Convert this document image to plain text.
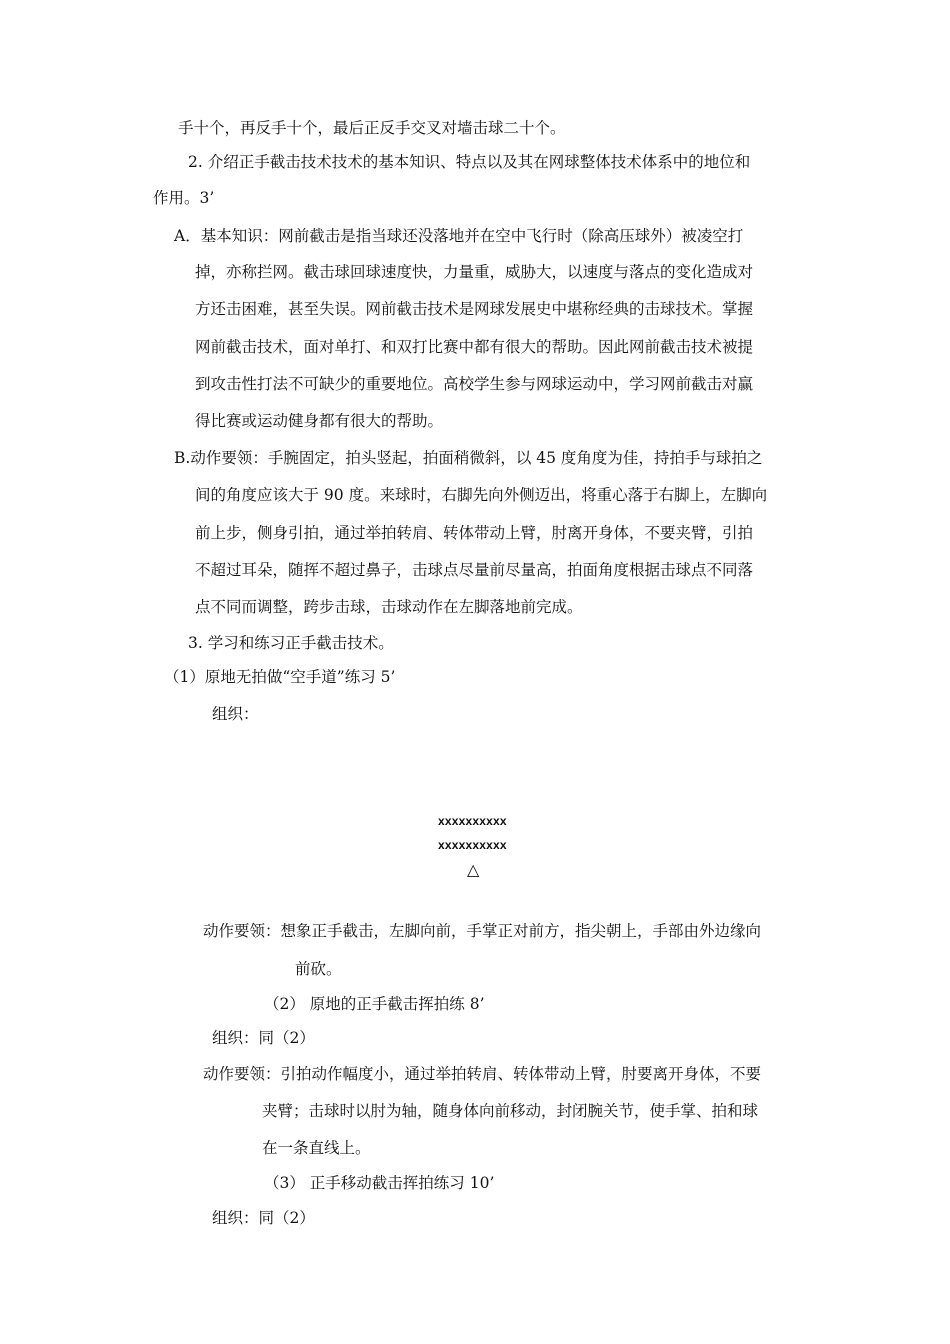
手十个，再反手十个，最后正反手交叉对墙击球二十个。
2. 介绍正手截击技术技术的基本知识、特点以及其在网球整体技术体系中的地位和
作用。3’
A．基本知识：网前截击是指当球还没落地并在空中飞行时（除高压球外）被凌空打
掉，亦称拦网。截击球回球速度快，力量重，威胁大，以速度与落点的变化造成对
方还击困难，甚至失误。网前截击技术是网球发展史中堪称经典的击球技术。掌握
网前截击技术，面对单打、和双打比赛中都有很大的帮助。因此网前截击技术被提
到攻击性打法不可缺少的重要地位。高校学生参与网球运动中，学习网前截击对赢
得比赛或运动健身都有很大的帮助。
B.动作要领：手腕固定，拍头竖起，拍面稍微斜，以 45 度角度为佳，持拍手与球拍之
间的角度应该大于 90 度。来球时，右脚先向外侧迈出，将重心落于右脚上，左脚向
前上步，侧身引拍，通过举拍转肩、转体带动上臂，肘离开身体，不要夹臂，引拍
不超过耳朵，随挥不超过鼻子，击球点尽量前尽量高，拍面角度根据击球点不同落
点不同而调整，跨步击球，击球动作在左脚落地前完成。
3. 学习和练习正手截击技术。
（1）原地无拍做“空手道”练习 5’
组织：
xxxxxxxxxx
xxxxxxxxxx
△
动作要领：想象正手截击，左脚向前，手掌正对前方，指尖朝上，手部由外边缘向
前砍。
（2） 原地的正手截击挥拍练 8’
组织：同（2）
动作要领：引拍动作幅度小，通过举拍转肩、转体带动上臂，肘要离开身体，不要
夹臂；击球时以肘为轴，随身体向前移动，封闭腕关节，使手掌、拍和球
在一条直线上。
（3） 正手移动截击挥拍练习 10’
组织：同（2）
